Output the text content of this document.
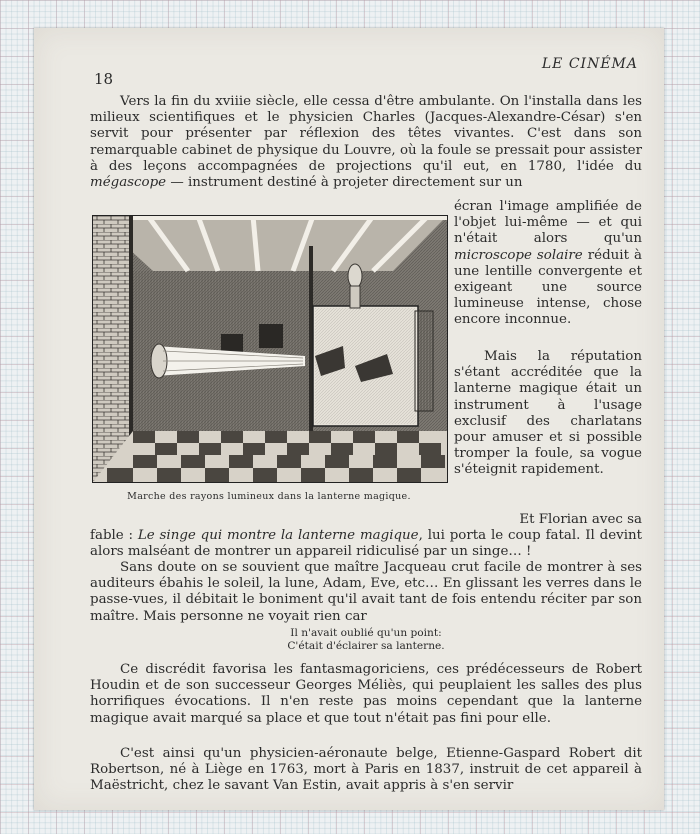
18
LE CINÉMA
Vers la fin du xviiie siècle, elle cessa d'être ambulante. On l'installa dans les milieux scientifiques et le physicien Charles (Jacques-Alexandre-César) s'en servit pour présenter par réflexion des têtes vivantes. C'est dans son remarquable cabinet de physique du Louvre, où la foule se pressait pour assister à des leçons accompagnées de projections qu'il eut, en 1780, l'idée du mégascope — instrument destiné à projeter directement sur un
Marche des rayons lumineux dans la lanterne magique.
écran l'image amplifiée de l'objet lui-même — et qui n'était alors qu'un microscope solaire réduit à une lentille convergente et exigeant une source lumineuse intense, chose encore inconnue.
Mais la réputation s'étant accréditée que la lanterne magique était un instrument à l'usage exclusif des charlatans pour amuser et si possible tromper la foule, sa vogue s'éteignit rapidement.
Et Florian avec sa
fable : Le singe qui montre la lanterne magique, lui porta le coup fatal. Il devint alors malséant de montrer un appareil ridiculisé par un singe… !
Sans doute on se souvient que maître Jacqueau crut facile de montrer à ses auditeurs ébahis le soleil, la lune, Adam, Eve, etc… En glissant les verres dans le passe-vues, il débitait le boniment qu'il avait tant de fois entendu réciter par son maître. Mais personne ne voyait rien car
Il n'avait oublié qu'un point:
C'était d'éclairer sa lanterne.
Ce discrédit favorisa les fantasmagoriciens, ces prédécesseurs de Robert Houdin et de son successeur Georges Méliès, qui peuplaient les salles des plus horrifiques évocations. Il n'en reste pas moins cependant que la lanterne magique avait marqué sa place et que tout n'était pas fini pour elle.
C'est ainsi qu'un physicien-aéronaute belge, Etienne-Gaspard Robert dit Robertson, né à Liège en 1763, mort à Paris en 1837, instruit de cet appareil à Maëstricht, chez le savant Van Estin, avait appris à s'en servir
